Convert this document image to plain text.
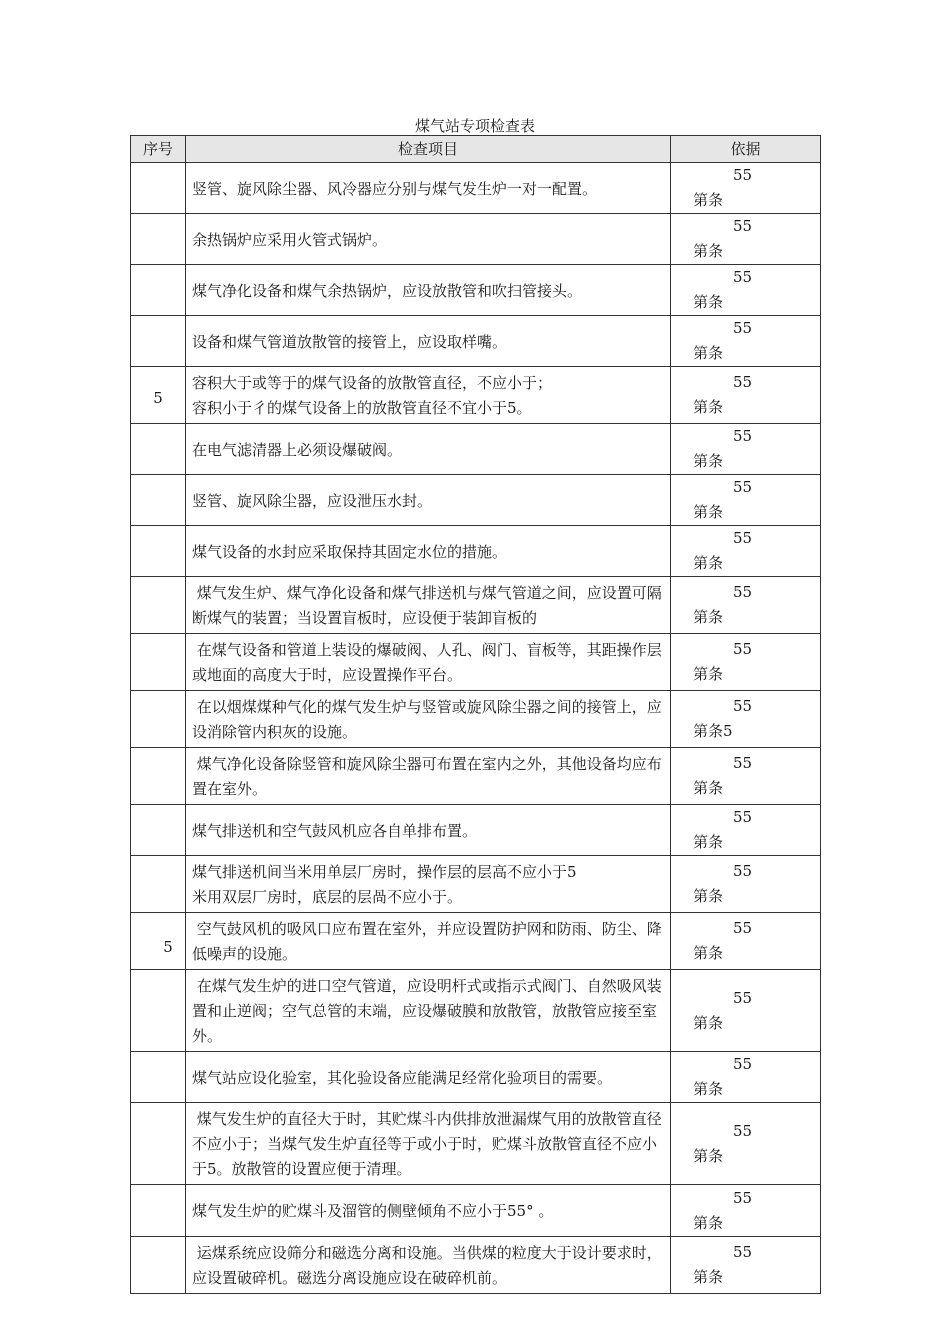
煤气站专项检查表
序号	检查项目	依据

	竖管、旋风除尘器、风冷器应分别与煤气发生炉一对一配置。	55
第条

	余热锅炉应采用火管式锅炉。	55
第条

	煤气净化设备和煤气余热锅炉，应设放散管和吹扫管接头。	55
第条

	设备和煤气管道放散管的接管上，应设取样嘴。	55
第条

5	容积大于或等于的煤气设备的放散管直径，不应小于；
容积小于彳的煤气设备上的放散管直径不宜小于5。	55
第条

	在电气滤清器上必须设爆破阀。	55
第条

	竖管、旋风除尘器，应设泄压水封。	55
第条

	煤气设备的水封应采取保持其固定水位的措施。	55
第条

	煤气发生炉、煤气净化设备和煤气排送机与煤气管道之间，应设置可隔断煤气的装置；当设置盲板时，应设便于装卸盲板的	55
第条

	在煤气设备和管道上装设的爆破阀、人孔、阀门、盲板等，其距操作层或地面的高度大于时，应设置操作平台。	55
第条

	在以烟煤煤种气化的煤气发生炉与竖管或旋风除尘器之间的接管上，应设消除管内积灰的设施。	55
第条5

	煤气净化设备除竖管和旋风除尘器可布置在室内之外，其他设备均应布置在室外。	55
第条

	煤气排送机和空气鼓风机应各自单排布置。	55
第条

	煤气排送机间当米用单层厂房时，操作层的层高不应小于5
米用双层厂房时，底层的层咼不应小于。	55
第条

5	空气鼓风机的吸风口应布置在室外，并应设置防护网和防雨、防尘、降低噪声的设施。	55
第条

	在煤气发生炉的进口空气管道，应设明杆式或指示式阀门、自然吸风装置和止逆阀；空气总管的末端，应设爆破膜和放散管，放散管应接至室外。	55
第条

	煤气站应设化验室，其化验设备应能满足经常化验项目的需要。	55
第条

	煤气发生炉的直径大于时，其贮煤斗内供排放泄漏煤气用的放散管直径不应小于；当煤气发生炉直径等于或小于时，贮煤斗放散管直径不应小于5。放散管的设置应便于清理。	55
第条

	煤气发生炉的贮煤斗及溜管的侧壁倾角不应小于55° 。	55
第条

	运煤系统应设筛分和磁选分离和设施。当供煤的粒度大于设计要求时，应设置破碎机。磁选分离设施应设在破碎机前。	55
第条
